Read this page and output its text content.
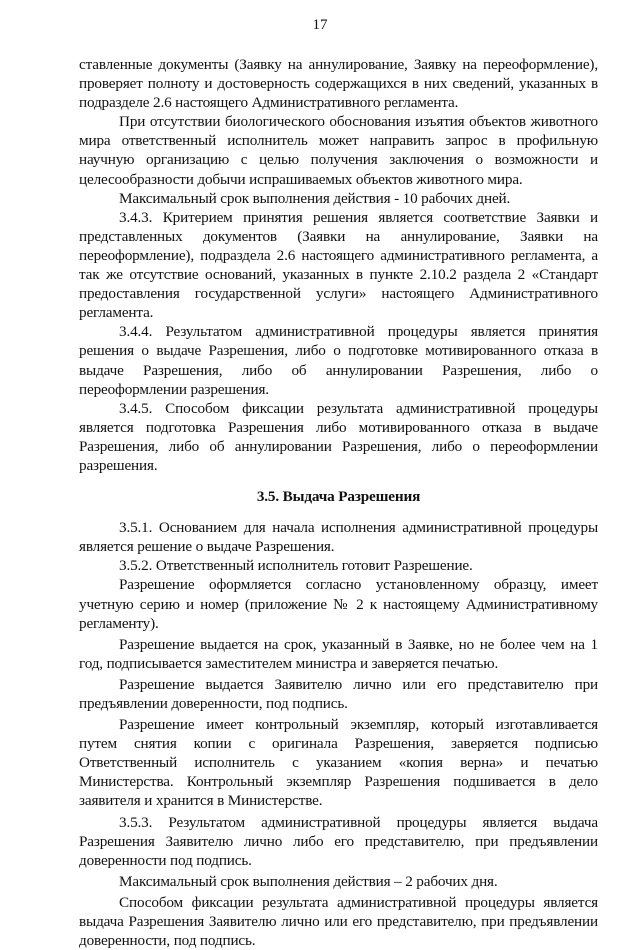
17

ставленные документы (Заявку на аннулирование, Заявку на переоформление), проверяет полноту и достоверность содержащихся в них сведений, указанных в подразделе 2.6 настоящего Административного регламента.

При отсутствии биологического обоснования изъятия объектов животного мира ответственный исполнитель может направить запрос в профильную научную организацию с целью получения заключения о возможности и целесообразности добычи испрашиваемых объектов животного мира.

Максимальный срок выполнения действия - 10 рабочих дней.

3.4.3. Критерием принятия решения является соответствие Заявки и представленных документов (Заявки на аннулирование, Заявки на переоформление), подраздела 2.6 настоящего административного регламента, а так же отсутствие оснований, указанных в пункте 2.10.2 раздела 2 «Стандарт предоставления государственной услуги» настоящего Административного регламента.

3.4.4. Результатом административной процедуры является принятия решения о выдаче Разрешения, либо о подготовке мотивированного отказа в выдаче Разрешения, либо об аннулировании Разрешения, либо о переоформлении разрешения.

3.4.5. Способом фиксации результата административной процедуры является подготовка Разрешения либо мотивированного отказа в выдаче Разрешения, либо об аннулировании Разрешения, либо о переоформлении разрешения.

3.5. Выдача Разрешения

3.5.1. Основанием для начала исполнения административной процедуры является решение о выдаче Разрешения.

3.5.2. Ответственный исполнитель готовит Разрешение.

Разрешение оформляется согласно установленному образцу, имеет учетную серию и номер (приложение № 2 к настоящему Административному регламенту).

Разрешение выдается на срок, указанный в Заявке, но не более чем на 1 год, подписывается заместителем министра и заверяется печатью.

Разрешение выдается Заявителю лично или его представителю при предъявлении доверенности, под подпись.

Разрешение имеет контрольный экземпляр, который изготавливается путем снятия копии с оригинала Разрешения, заверяется подписью Ответственный исполнитель с указанием «копия верна» и печатью Министерства. Контрольный экземпляр Разрешения подшивается в дело заявителя и хранится в Министерстве.

3.5.3. Результатом административной процедуры является выдача Разрешения Заявителю лично либо его представителю, при предъявлении доверенности под подпись.

Максимальный срок выполнения действия – 2 рабочих дня.

Способом фиксации результата административной процедуры является выдача Разрешения Заявителю лично или его представителю, при предъявлении доверенности, под подпись.
